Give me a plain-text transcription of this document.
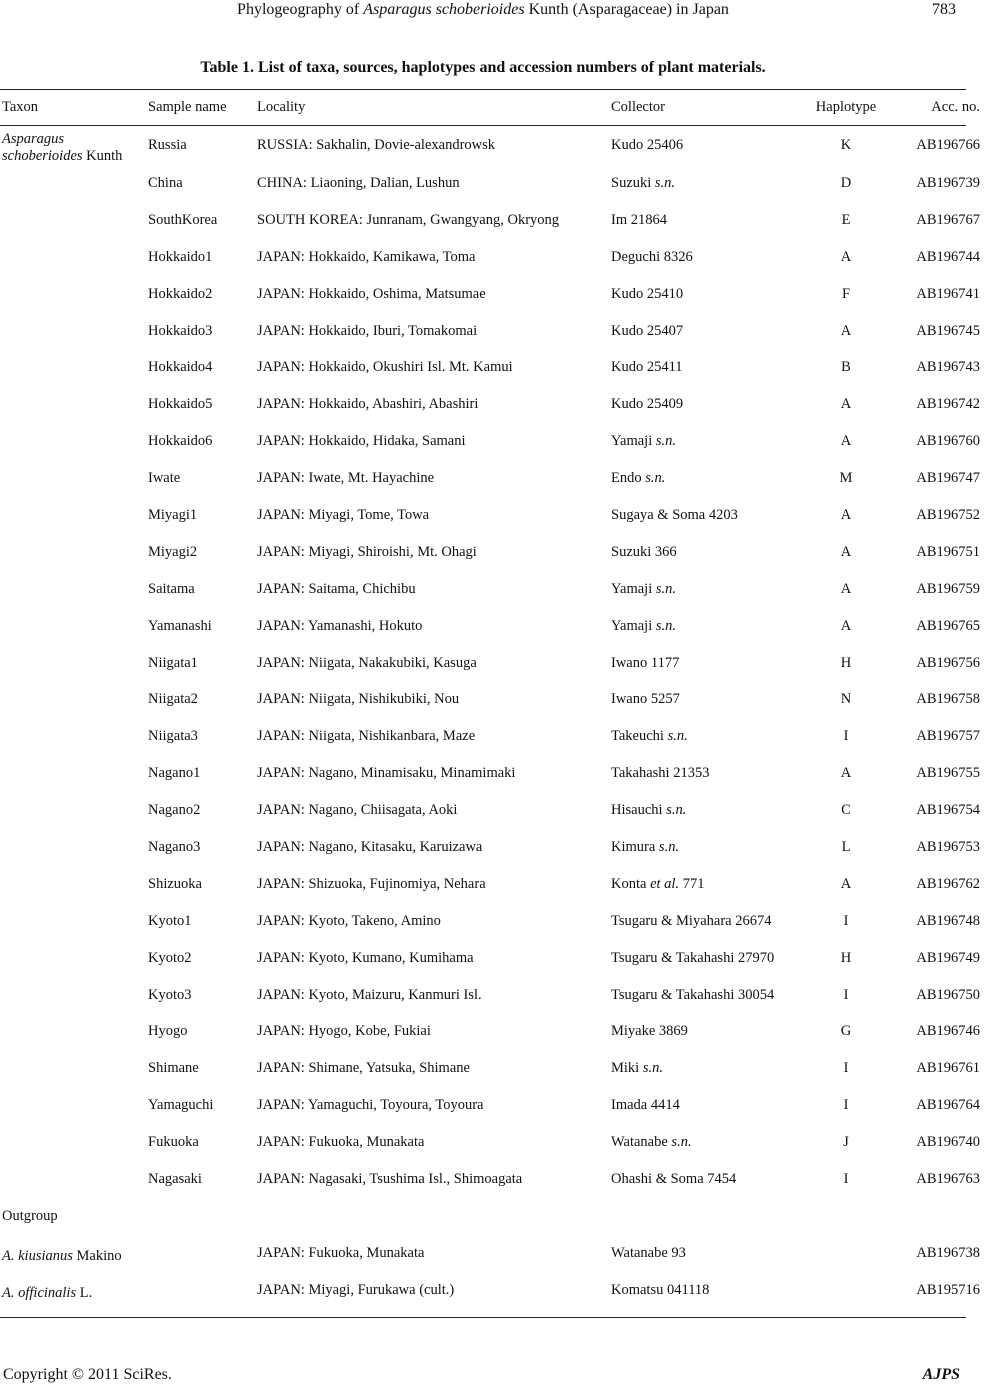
Phylogeography of Asparagus schoberioides Kunth (Asparagaceae) in Japan	783
Table 1. List of taxa, sources, haplotypes and accession numbers of plant materials.
Taxon	Sample name	Locality	Collector	Haplotype	Acc. no.
Asparagus schoberioides Kunth	Russia	RUSSIA: Sakhalin, Dovie-alexandrowsk	Kudo 25406	K	AB196766
	China	CHINA: Liaoning, Dalian, Lushun	Suzuki s.n.	D	AB196739
	SouthKorea	SOUTH KOREA: Junranam, Gwangyang, Okryong	Im 21864	E	AB196767
	Hokkaido1	JAPAN: Hokkaido, Kamikawa, Toma	Deguchi 8326	A	AB196744
	Hokkaido2	JAPAN: Hokkaido, Oshima, Matsumae	Kudo 25410	F	AB196741
	Hokkaido3	JAPAN: Hokkaido, Iburi, Tomakomai	Kudo 25407	A	AB196745
	Hokkaido4	JAPAN: Hokkaido, Okushiri Isl. Mt. Kamui	Kudo 25411	B	AB196743
	Hokkaido5	JAPAN: Hokkaido, Abashiri, Abashiri	Kudo 25409	A	AB196742
	Hokkaido6	JAPAN: Hokkaido, Hidaka, Samani	Yamaji s.n.	A	AB196760
	Iwate	JAPAN: Iwate, Mt. Hayachine	Endo s.n.	M	AB196747
	Miyagi1	JAPAN: Miyagi, Tome, Towa	Sugaya & Soma 4203	A	AB196752
	Miyagi2	JAPAN: Miyagi, Shiroishi, Mt. Ohagi	Suzuki 366	A	AB196751
	Saitama	JAPAN: Saitama, Chichibu	Yamaji s.n.	A	AB196759
	Yamanashi	JAPAN: Yamanashi, Hokuto	Yamaji s.n.	A	AB196765
	Niigata1	JAPAN: Niigata, Nakakubiki, Kasuga	Iwano 1177	H	AB196756
	Niigata2	JAPAN: Niigata, Nishikubiki, Nou	Iwano 5257	N	AB196758
	Niigata3	JAPAN: Niigata, Nishikanbara, Maze	Takeuchi s.n.	I	AB196757
	Nagano1	JAPAN: Nagano, Minamisaku, Minamimaki	Takahashi 21353	A	AB196755
	Nagano2	JAPAN: Nagano, Chiisagata, Aoki	Hisauchi s.n.	C	AB196754
	Nagano3	JAPAN: Nagano, Kitasaku, Karuizawa	Kimura s.n.	L	AB196753
	Shizuoka	JAPAN: Shizuoka, Fujinomiya, Nehara	Konta et al. 771	A	AB196762
	Kyoto1	JAPAN: Kyoto, Takeno, Amino	Tsugaru & Miyahara 26674	I	AB196748
	Kyoto2	JAPAN: Kyoto, Kumano, Kumihama	Tsugaru & Takahashi 27970	H	AB196749
	Kyoto3	JAPAN: Kyoto, Maizuru, Kanmuri Isl.	Tsugaru & Takahashi 30054	I	AB196750
	Hyogo	JAPAN: Hyogo, Kobe, Fukiai	Miyake 3869	G	AB196746
	Shimane	JAPAN: Shimane, Yatsuka, Shimane	Miki s.n.	I	AB196761
	Yamaguchi	JAPAN: Yamaguchi, Toyoura, Toyoura	Imada 4414	I	AB196764
	Fukuoka	JAPAN: Fukuoka, Munakata	Watanabe s.n.	J	AB196740
	Nagasaki	JAPAN: Nagasaki, Tsushima Isl., Shimoagata	Ohashi & Soma 7454	I	AB196763
Outgroup					
A. kiusianus Makino		JAPAN: Fukuoka, Munakata	Watanabe 93		AB196738
A. officinalis L.		JAPAN: Miyagi, Furukawa (cult.)	Komatsu 041118		AB195716
Copyright © 2011 SciRes.	AJPS
